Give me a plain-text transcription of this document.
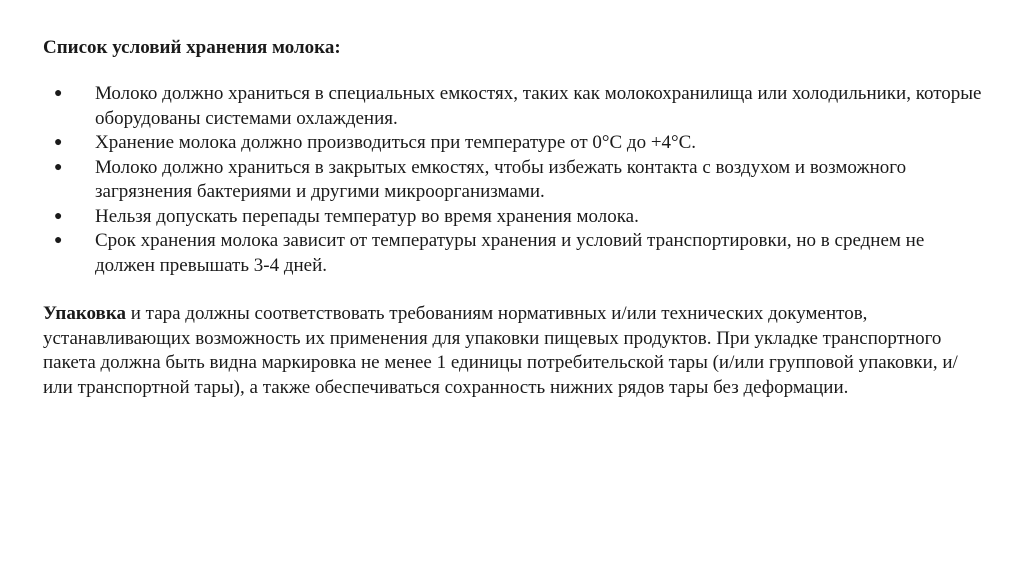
Список условий хранения молока:
● Молоко должно храниться в специальных емкостях, таких как молокохранилища или холодильники, которые оборудованы системами охлаждения.
● Хранение молока должно производиться при температуре от 0°C до +4°C.
● Молоко должно храниться в закрытых емкостях, чтобы избежать контакта с воздухом и возможного загрязнения бактериями и другими микроорганизмами.
● Нельзя допускать перепады температур во время хранения молока.
● Срок хранения молока зависит от температуры хранения и условий транспортировки, но в среднем не должен превышать 3-4 дней.
Упаковка и тара должны соответствовать требованиям нормативных и/или технических документов, устанавливающих возможность их применения для упаковки пищевых продуктов. При укладке транспортного пакета должна быть видна маркировка не менее 1 единицы потребительской тары (и/или групповой упаковки, и/или транспортной тары), а также обеспечиваться сохранность нижних рядов тары без деформации.
